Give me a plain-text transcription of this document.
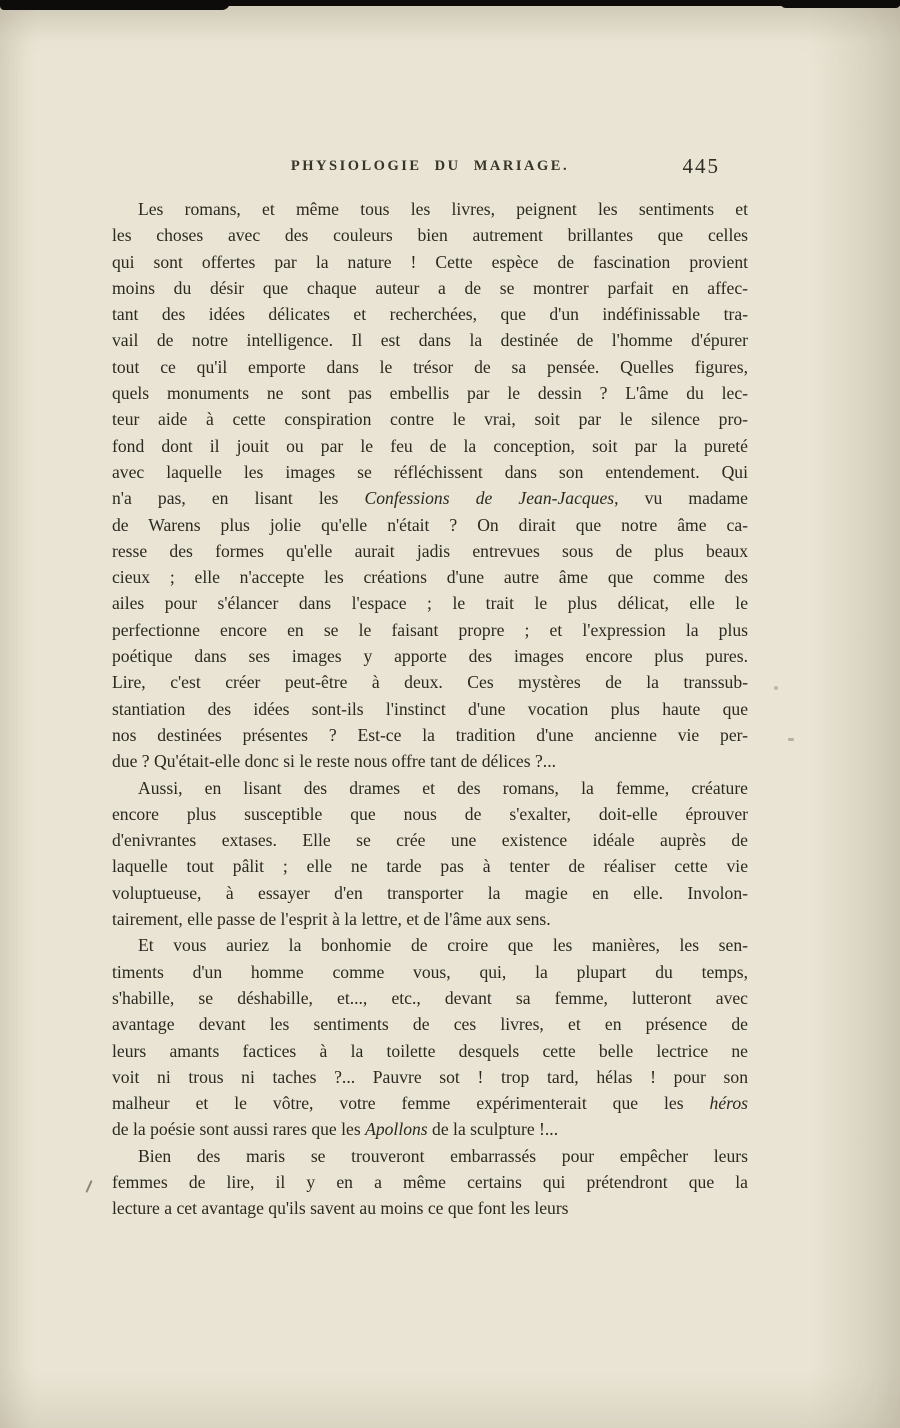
PHYSIOLOGIE DU MARIAGE.	445
Les romans, et même tous les livres, peignent les sentiments et
les choses avec des couleurs bien autrement brillantes que celles
qui sont offertes par la nature ! Cette espèce de fascination provient
moins du désir que chaque auteur a de se montrer parfait en affec-
tant des idées délicates et recherchées, que d'un indéfinissable tra-
vail de notre intelligence. Il est dans la destinée de l'homme d'épurer
tout ce qu'il emporte dans le trésor de sa pensée. Quelles figures,
quels monuments ne sont pas embellis par le dessin ? L'âme du lec-
teur aide à cette conspiration contre le vrai, soit par le silence pro-
fond dont il jouit ou par le feu de la conception, soit par la pureté
avec laquelle les images se réfléchissent dans son entendement. Qui
n'a pas, en lisant les Confessions de Jean-Jacques, vu madame
de Warens plus jolie qu'elle n'était ? On dirait que notre âme ca-
resse des formes qu'elle aurait jadis entrevues sous de plus beaux
cieux ; elle n'accepte les créations d'une autre âme que comme des
ailes pour s'élancer dans l'espace ; le trait le plus délicat, elle le
perfectionne encore en se le faisant propre ; et l'expression la plus
poétique dans ses images y apporte des images encore plus pures.
Lire, c'est créer peut-être à deux. Ces mystères de la transsub-
stantiation des idées sont-ils l'instinct d'une vocation plus haute que
nos destinées présentes ? Est-ce la tradition d'une ancienne vie per-
due ? Qu'était-elle donc si le reste nous offre tant de délices ?...
Aussi, en lisant des drames et des romans, la femme, créature
encore plus susceptible que nous de s'exalter, doit-elle éprouver
d'enivrantes extases. Elle se crée une existence idéale auprès de
laquelle tout pâlit ; elle ne tarde pas à tenter de réaliser cette vie
voluptueuse, à essayer d'en transporter la magie en elle. Involon-
tairement, elle passe de l'esprit à la lettre, et de l'âme aux sens.
Et vous auriez la bonhomie de croire que les manières, les sen-
timents d'un homme comme vous, qui, la plupart du temps,
s'habille, se déshabille, et..., etc., devant sa femme, lutteront avec
avantage devant les sentiments de ces livres, et en présence de
leurs amants factices à la toilette desquels cette belle lectrice ne
voit ni trous ni taches ?... Pauvre sot ! trop tard, hélas ! pour son
malheur et le vôtre, votre femme expérimenterait que les héros
de la poésie sont aussi rares que les Apollons de la sculpture !...
Bien des maris se trouveront embarrassés pour empêcher leurs
femmes de lire, il y en a même certains qui prétendront que la
lecture a cet avantage qu'ils savent au moins ce que font les leurs
